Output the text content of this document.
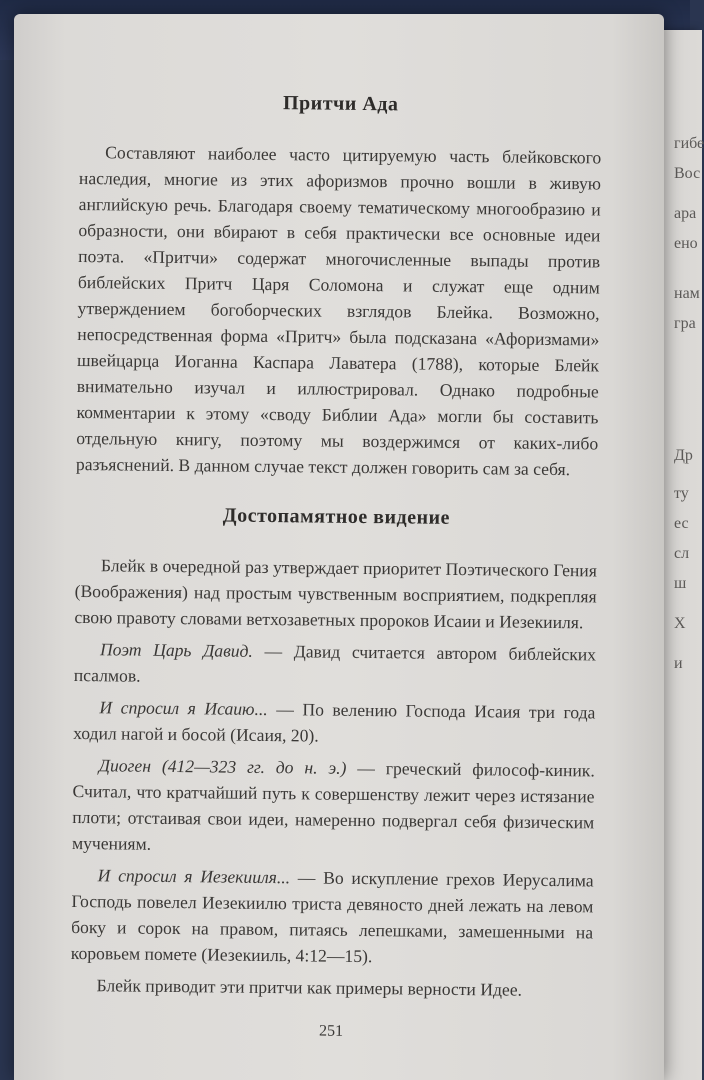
гибе
Вос
ара
ено
нам
гра
Др
ту
ес
сл
ш
Х
и
Притчи Ада

Составляют наиболее часто цитируемую часть блейковского наследия, многие из этих афоризмов прочно вошли в живую английскую речь. Благодаря своему тематическому многообразию и образности, они вбирают в себя практически все основные идеи поэта. «Притчи» содержат многочисленные выпады против библейских Притч Царя Соломона и служат еще одним утверждением богоборческих взглядов Блейка. Возможно, непосредственная форма «Притч» была подсказана «Афоризмами» швейцарца Иоганна Каспара Лаватера (1788), которые Блейк внимательно изучал и иллюстрировал. Однако подробные комментарии к этому «своду Библии Ада» могли бы составить отдельную книгу, поэтому мы воздержимся от каких-либо разъяснений. В данном случае текст должен говорить сам за себя.

Достопамятное видение

Блейк в очередной раз утверждает приоритет Поэтического Гения (Воображения) над простым чувственным восприятием, подкрепляя свою правоту словами ветхозаветных пророков Исаии и Иезекииля.

Поэт Царь Давид. — Давид считается автором библейских псалмов.

И спросил я Исаию... — По велению Господа Исаия три года ходил нагой и босой (Исаия, 20).

Диоген (412—323 гг. до н. э.) — греческий философ-киник. Считал, что кратчайший путь к совершенству лежит через истязание плоти; отстаивая свои идеи, намеренно подвергал себя физическим мучениям.

И спросил я Иезекииля... — Во искупление грехов Иерусалима Господь повелел Иезекиилю триста девяносто дней лежать на левом боку и сорок на правом, питаясь лепешками, замешенными на коровьем помете (Иезекииль, 4:12—15).

Блейк приводит эти притчи как примеры верности Идее.

251
